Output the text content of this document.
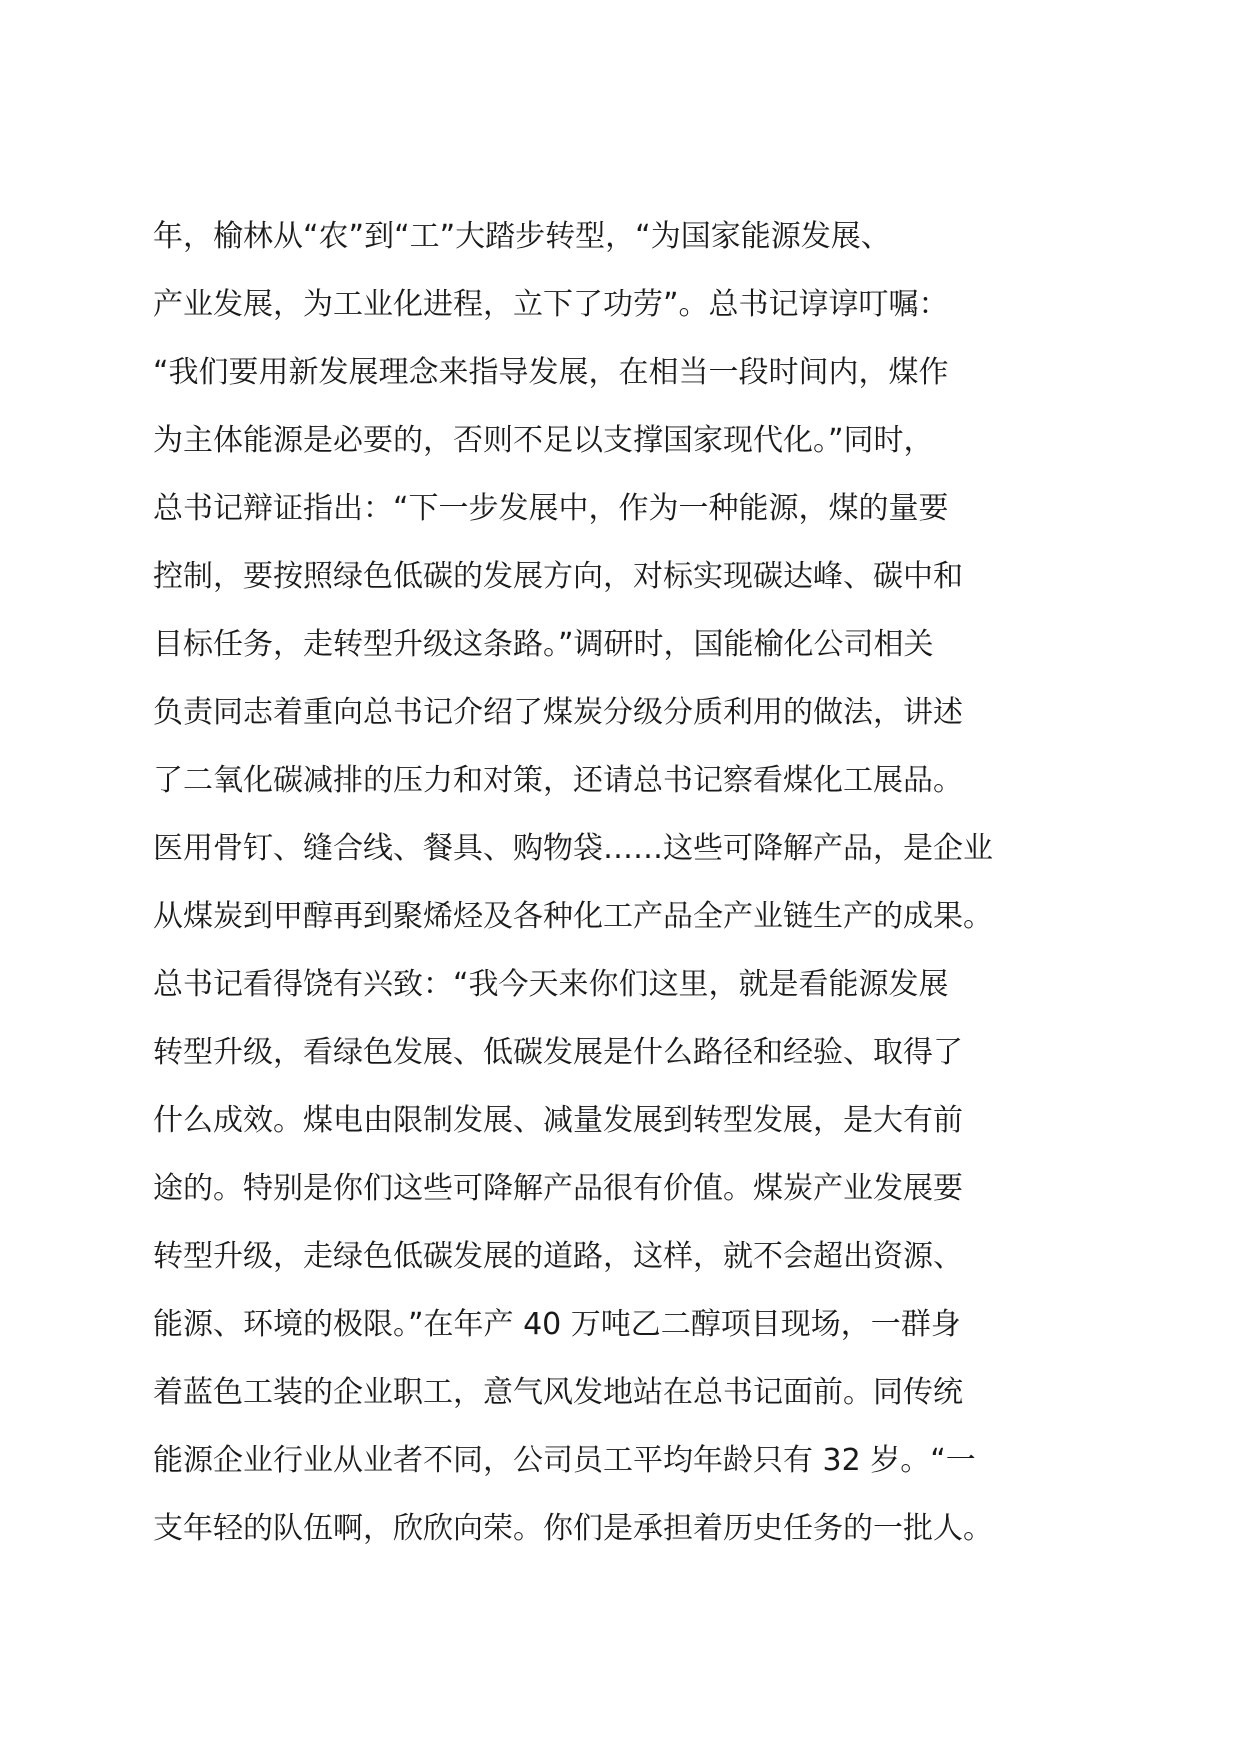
年，榆林从“农”到“工”大踏步转型，“为国家能源发展、
产业发展，为工业化进程，立下了功劳”。总书记谆谆叮嘱：
“我们要用新发展理念来指导发展，在相当一段时间内，煤作
为主体能源是必要的，否则不足以支撑国家现代化。”同时，
总书记辩证指出：“下一步发展中，作为一种能源，煤的量要
控制，要按照绿色低碳的发展方向，对标实现碳达峰、碳中和
目标任务，走转型升级这条路。”调研时，国能榆化公司相关
负责同志着重向总书记介绍了煤炭分级分质利用的做法，讲述
了二氧化碳减排的压力和对策，还请总书记察看煤化工展品。
医用骨钉、缝合线、餐具、购物袋……这些可降解产品，是企业
从煤炭到甲醇再到聚烯烃及各种化工产品全产业链生产的成果。
总书记看得饶有兴致：“我今天来你们这里，就是看能源发展
转型升级，看绿色发展、低碳发展是什么路径和经验、取得了
什么成效。煤电由限制发展、减量发展到转型发展，是大有前
途的。特别是你们这些可降解产品很有价值。煤炭产业发展要
转型升级，走绿色低碳发展的道路，这样，就不会超出资源、
能源、环境的极限。”在年产 40 万吨乙二醇项目现场，一群身
着蓝色工装的企业职工，意气风发地站在总书记面前。同传统
能源企业行业从业者不同，公司员工平均年龄只有 32 岁。“一
支年轻的队伍啊，欣欣向荣。你们是承担着历史任务的一批人。
